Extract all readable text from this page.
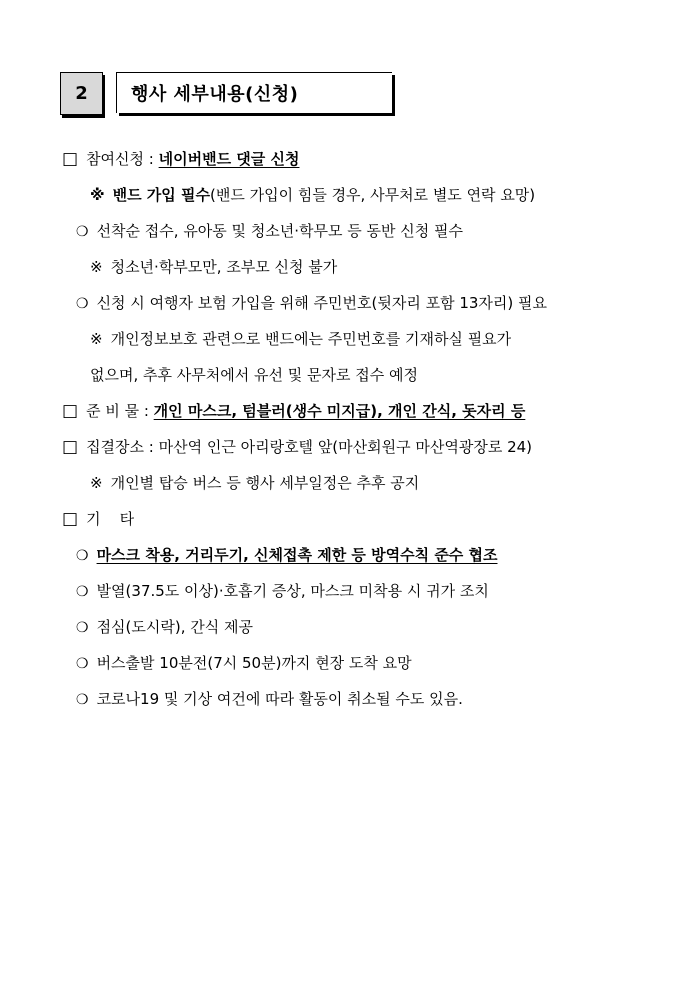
2	행사 세부내용(신청)
□ 참여신청 : 네이버밴드 댓글 신청
※ 밴드 가입 필수(밴드 가입이 힘들 경우, 사무처로 별도 연락 요망)
❍ 선착순 접수, 유아동 및 청소년·학무모 등 동반 신청 필수
※ 청소년·학부모만, 조부모 신청 불가
❍ 신청 시 여행자 보험 가입을 위해 주민번호(뒷자리 포함 13자리) 필요
※ 개인정보보호 관련으로 밴드에는 주민번호를 기재하실 필요가
없으며, 추후 사무처에서 유선 및 문자로 접수 예정
□ 준 비 물 : 개인 마스크, 텀블러(생수 미지급), 개인 간식, 돗자리 등
□ 집결장소 : 마산역 인근 아리랑호텔 앞(마산회원구 마산역광장로 24)
※ 개인별 탑승 버스 등 행사 세부일정은 추후 공지
□ 기    타
❍ 마스크 착용, 거리두기, 신체접촉 제한 등 방역수칙 준수 협조
❍ 발열(37.5도 이상)·호흡기 증상, 마스크 미착용 시 귀가 조치
❍ 점심(도시락), 간식 제공
❍ 버스출발 10분전(7시 50분)까지 현장 도착 요망
❍ 코로나19 및 기상 여건에 따라 활동이 취소될 수도 있음.
